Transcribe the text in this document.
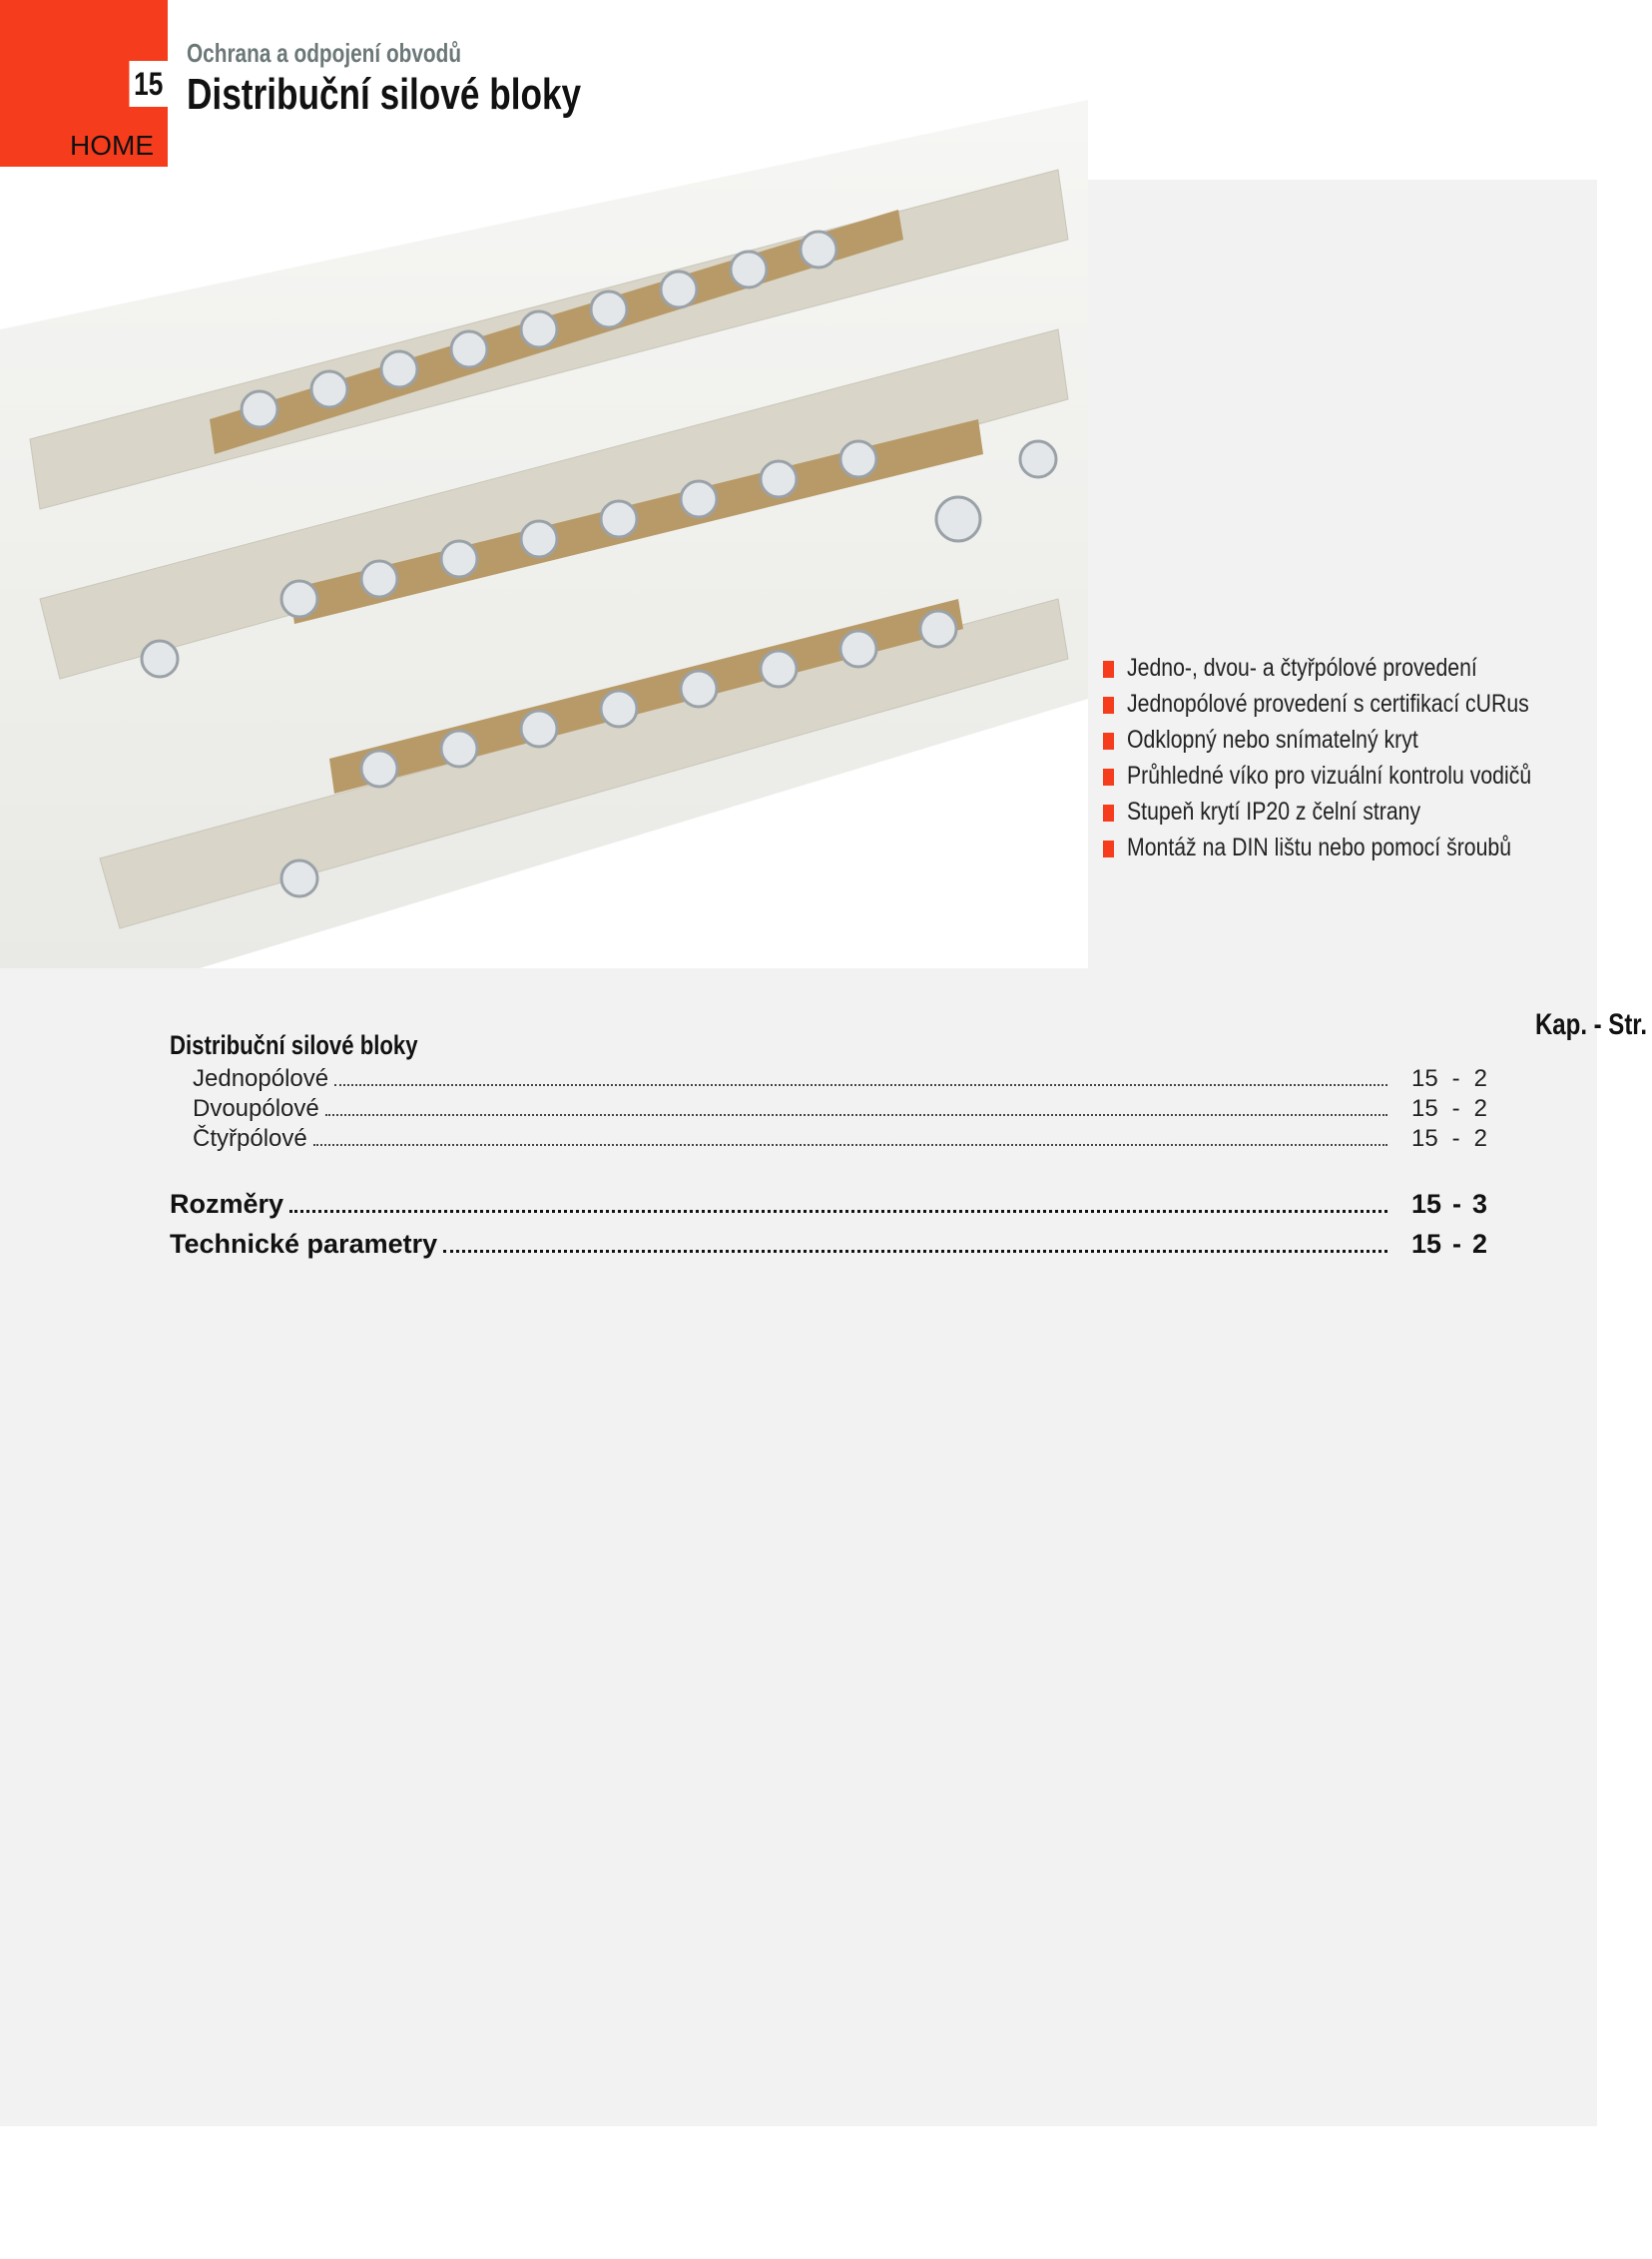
15
HOME
Ochrana a odpojení obvodů
Distribuční silové bloky
Jedno-, dvou- a čtyřpólové provedení
Jednopólové provedení s certifikací cURus
Odklopný nebo snímatelný kryt
Průhledné víko pro vizuální kontrolu vodičů
Stupeň krytí IP20 z čelní strany
Montáž na DIN lištu nebo pomocí šroubů
Kap. - Str.
Distribuční silové bloky
Jednopólové	15 - 2
Dvoupólové	15 - 2
Čtyřpólové	15 - 2
Rozměry	15 - 3
Technické parametry	15 - 2
